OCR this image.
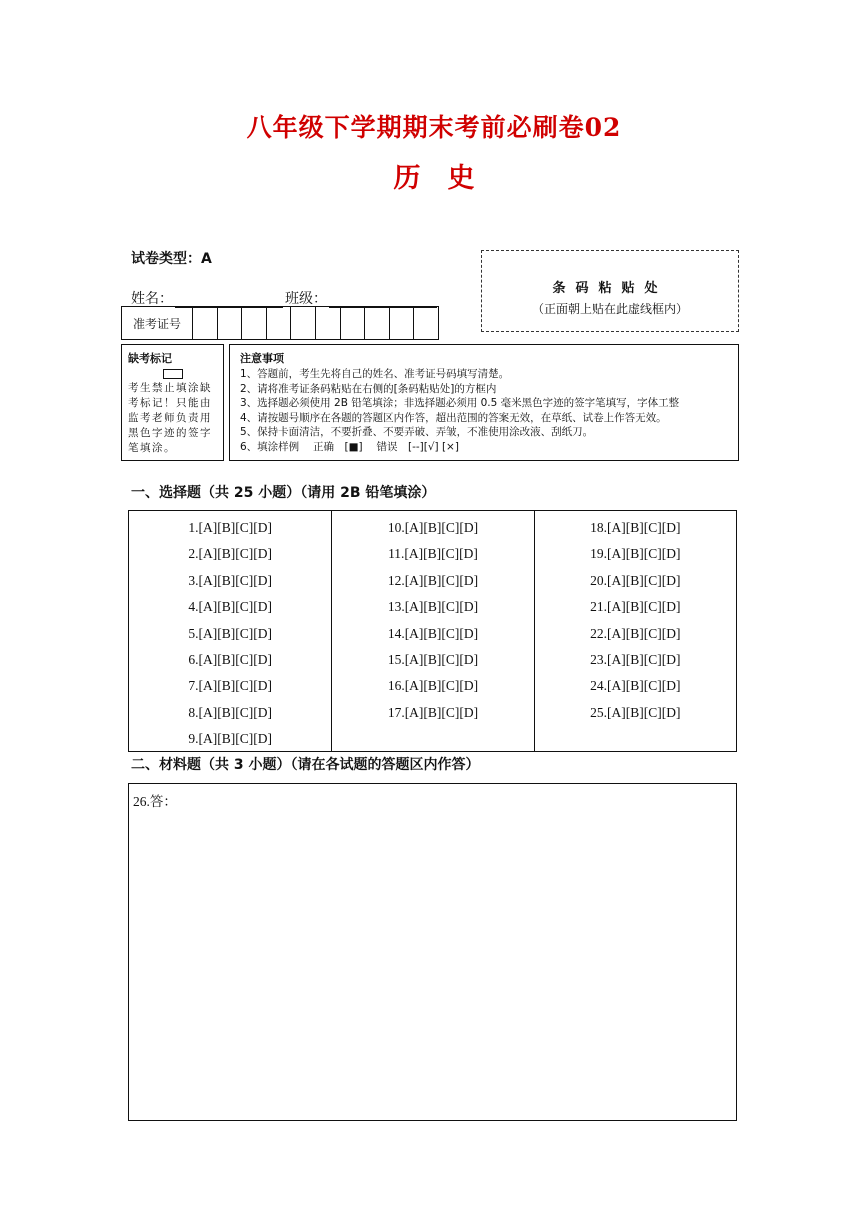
八年级下学期期末考前必刷卷02
历　史
试卷类型：A
姓名：	班级：
准考证号
条码粘贴处
（正面朝上贴在此虚线框内）
缺考标记
考生禁止填涂缺考标记！只能由监考老师负责用黑色字迹的签字笔填涂。
注意事项
1、答题前，考生先将自己的姓名、准考证号码填写清楚。
2、请将准考证条码粘贴在右侧的[条码粘贴处]的方框内
3、选择题必须使用 2B 铅笔填涂；非选择题必须用 0.5 毫米黑色字迹的签字笔填写，字体工整
4、请按题号顺序在各题的答题区内作答，超出范围的答案无效，在草纸、试卷上作答无效。
5、保持卡面清洁，不要折叠、不要弄破、弄皱，不准使用涂改液、刮纸刀。
6、填涂样例　 正确　[■]　 错误　[--][√] [×]
一、选择题（共 25 小题）（请用 2B 铅笔填涂）
1.[A][B][C][D]
2.[A][B][C][D]
3.[A][B][C][D]
4.[A][B][C][D]
5.[A][B][C][D]
6.[A][B][C][D]
7.[A][B][C][D]
8.[A][B][C][D]
9.[A][B][C][D]
10.[A][B][C][D]
11.[A][B][C][D]
12.[A][B][C][D]
13.[A][B][C][D]
14.[A][B][C][D]
15.[A][B][C][D]
16.[A][B][C][D]
17.[A][B][C][D]
18.[A][B][C][D]
19.[A][B][C][D]
20.[A][B][C][D]
21.[A][B][C][D]
22.[A][B][C][D]
23.[A][B][C][D]
24.[A][B][C][D]
25.[A][B][C][D]
二、材料题（共 3 小题）（请在各试题的答题区内作答）
26.答：
